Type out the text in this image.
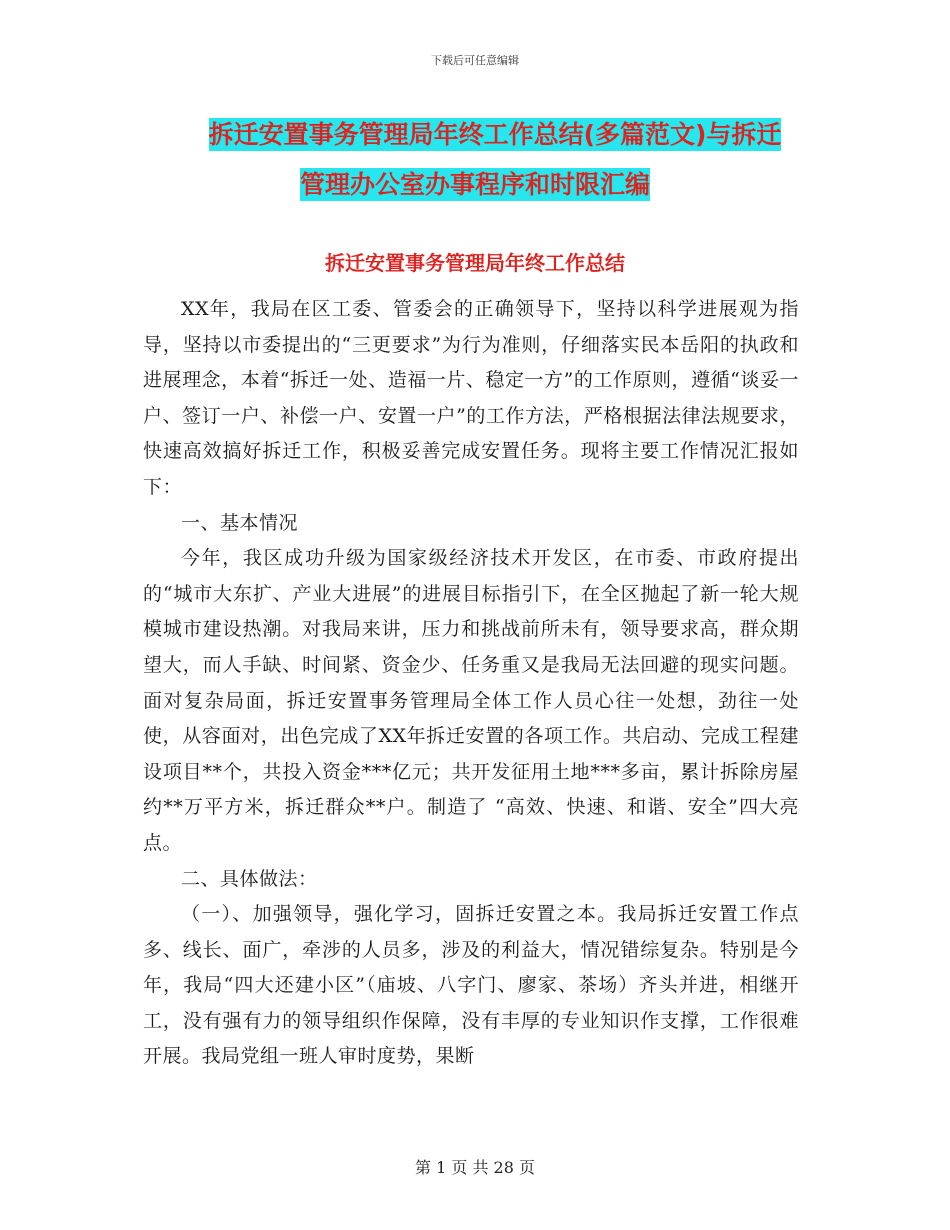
下载后可任意编辑
拆迁安置事务管理局年终工作总结(多篇范文)与拆迁
管理办公室办事程序和时限汇编
拆迁安置事务管理局年终工作总结

XX年，我局在区工委、管委会的正确领导下，坚持以科学进展观为指导，坚持以市委提出的“三更要求”为行为准则，仔细落实民本岳阳的执政和进展理念，本着“拆迁一处、造福一片、稳定一方”的工作原则，遵循“谈妥一户、签订一户、补偿一户、安置一户”的工作方法，严格根据法律法规要求，快速高效搞好拆迁工作，积极妥善完成安置任务。现将主要工作情况汇报如下：

一、基本情况

今年，我区成功升级为国家级经济技术开发区，在市委、市政府提出的“城市大东扩、产业大进展”的进展目标指引下，在全区抛起了新一轮大规模城市建设热潮。对我局来讲，压力和挑战前所未有，领导要求高，群众期望大，而人手缺、时间紧、资金少、任务重又是我局无法回避的现实问题。面对复杂局面，拆迁安置事务管理局全体工作人员心往一处想，劲往一处使，从容面对，出色完成了XX年拆迁安置的各项工作。共启动、完成工程建设项目**个，共投入资金***亿元；共开发征用土地***多亩，累计拆除房屋约**万平方米，拆迁群众**户。制造了 “高效、快速、和谐、安全”四大亮点。

二、具体做法：

（一）、加强领导，强化学习，固拆迁安置之本。我局拆迁安置工作点多、线长、面广，牵涉的人员多，涉及的利益大，情况错综复杂。特别是今年，我局“四大还建小区”（庙坡、八字门、廖家、茶场）齐头并进，相继开工，没有强有力的领导组织作保障，没有丰厚的专业知识作支撑，工作很难开展。我局党组一班人审时度势，果断

第 1 页 共 28 页
